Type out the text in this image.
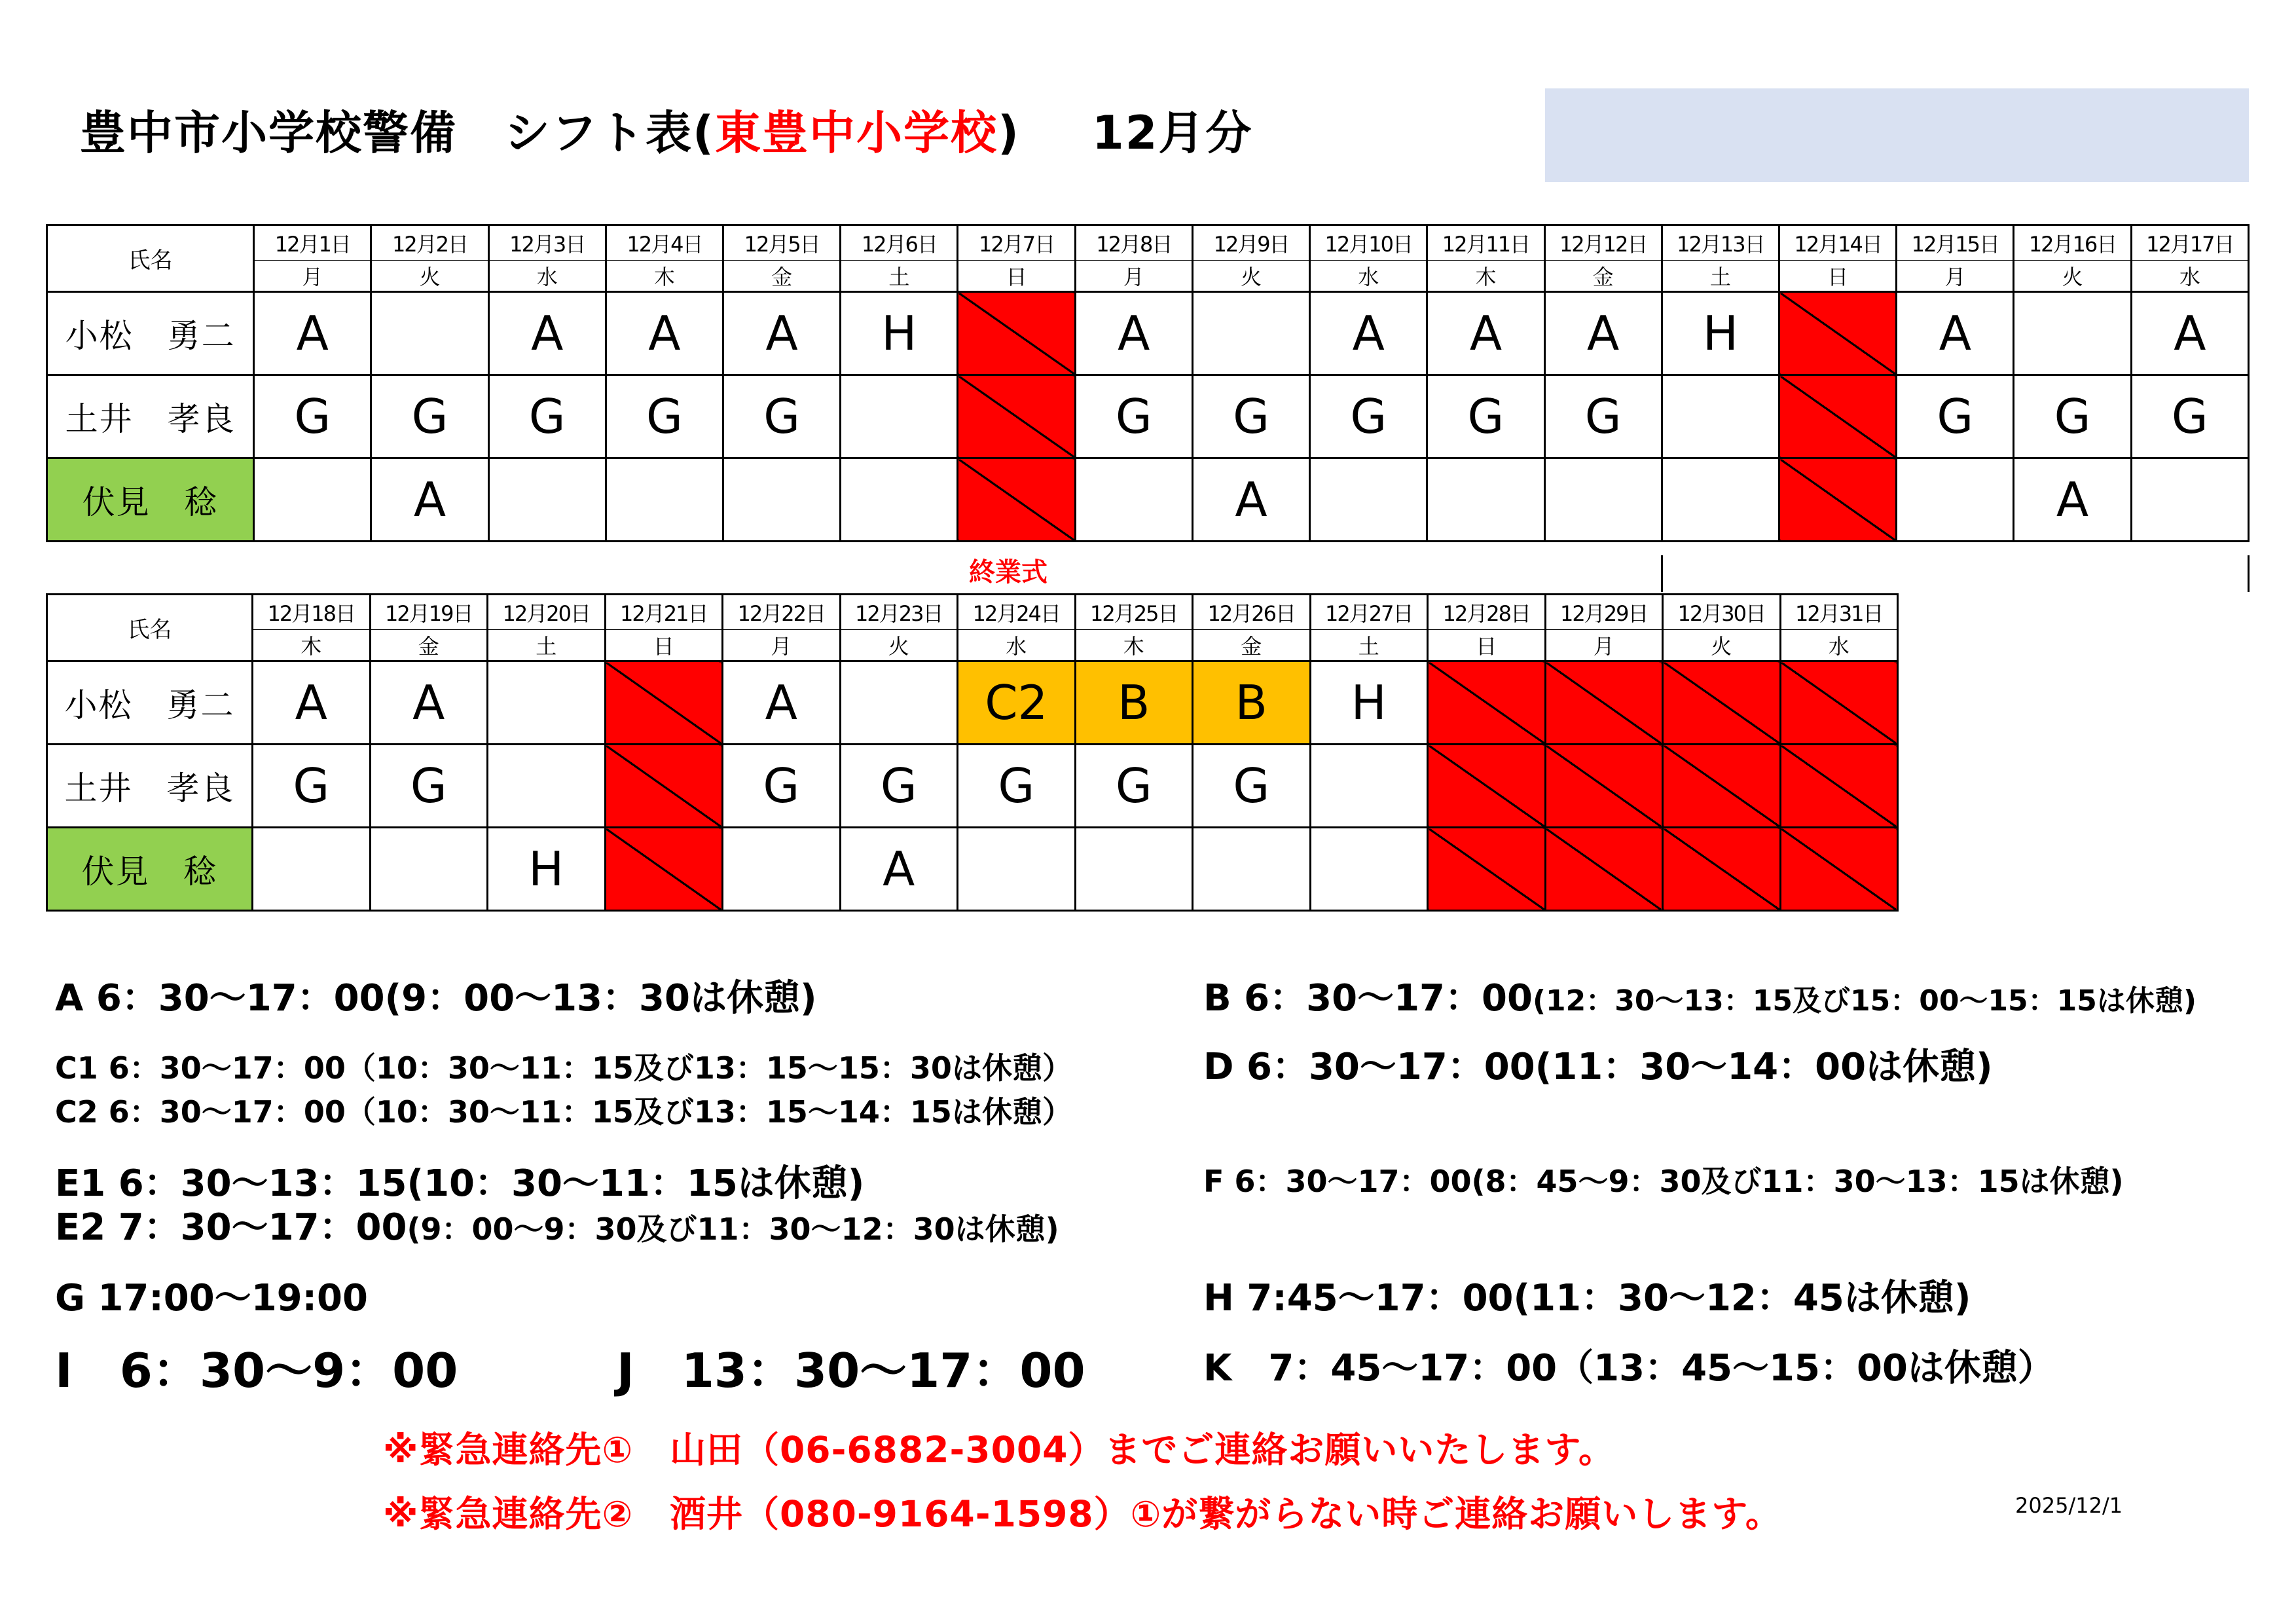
豊中市小学校警備　シフト表(東豊中小学校) 12月分
氏名	12月1日	12月2日	12月3日	12月4日	12月5日	12月6日	12月7日	12月8日	12月9日	12月10日	12月11日	12月12日	12月13日	12月14日	12月15日	12月16日	12月17日
	月	火	水	木	金	土	日	月	火	水	木	金	土	日	月	火	水
小松　勇二	A		A	A	A	H		A		A	A	A	H		A		A
土井　孝良	G	G	G	G	G			G	G	G	G	G			G	G	G
伏見　稔		A							A							A	
終業式
氏名	12月18日	12月19日	12月20日	12月21日	12月22日	12月23日	12月24日	12月25日	12月26日	12月27日	12月28日	12月29日	12月30日	12月31日
	木	金	土	日	月	火	水	木	金	土	日	月	火	水
小松　勇二	A	A			A		C2	B	B	H				
土井　孝良	G	G			G	G	G	G	G					
伏見　稔			H			A								
A 6：30～17：00(9：00～13：30は休憩)	B 6：30～17：00(12：30～13：15及び15：00～15：15は休憩)
C1 6：30～17：00（10：30～11：15及び13：15～15：30は休憩）
C2 6：30～17：00（10：30～11：15及び13：15～14：15は休憩）
D 6：30～17：00(11：30～14：00は休憩)
E1 6：30～13：15(10：30～11：15は休憩)
E2 7：30～17：00(9：00～9：30及び11：30～12：30は休憩)
F 6：30～17：00(8：45～9：30及び11：30～13：15は休憩)
G 17:00～19:00	H 7:45～17：00(11：30～12：45は休憩)
I　6：30～9：00	J　13：30～17：00	K　7：45～17：00（13：45～15：00は休憩）
※緊急連絡先①　山田（06-6882-3004）までご連絡お願いいたします。
※緊急連絡先②　酒井（080-9164-1598）①が繋がらない時ご連絡お願いします。	2025/12/1
